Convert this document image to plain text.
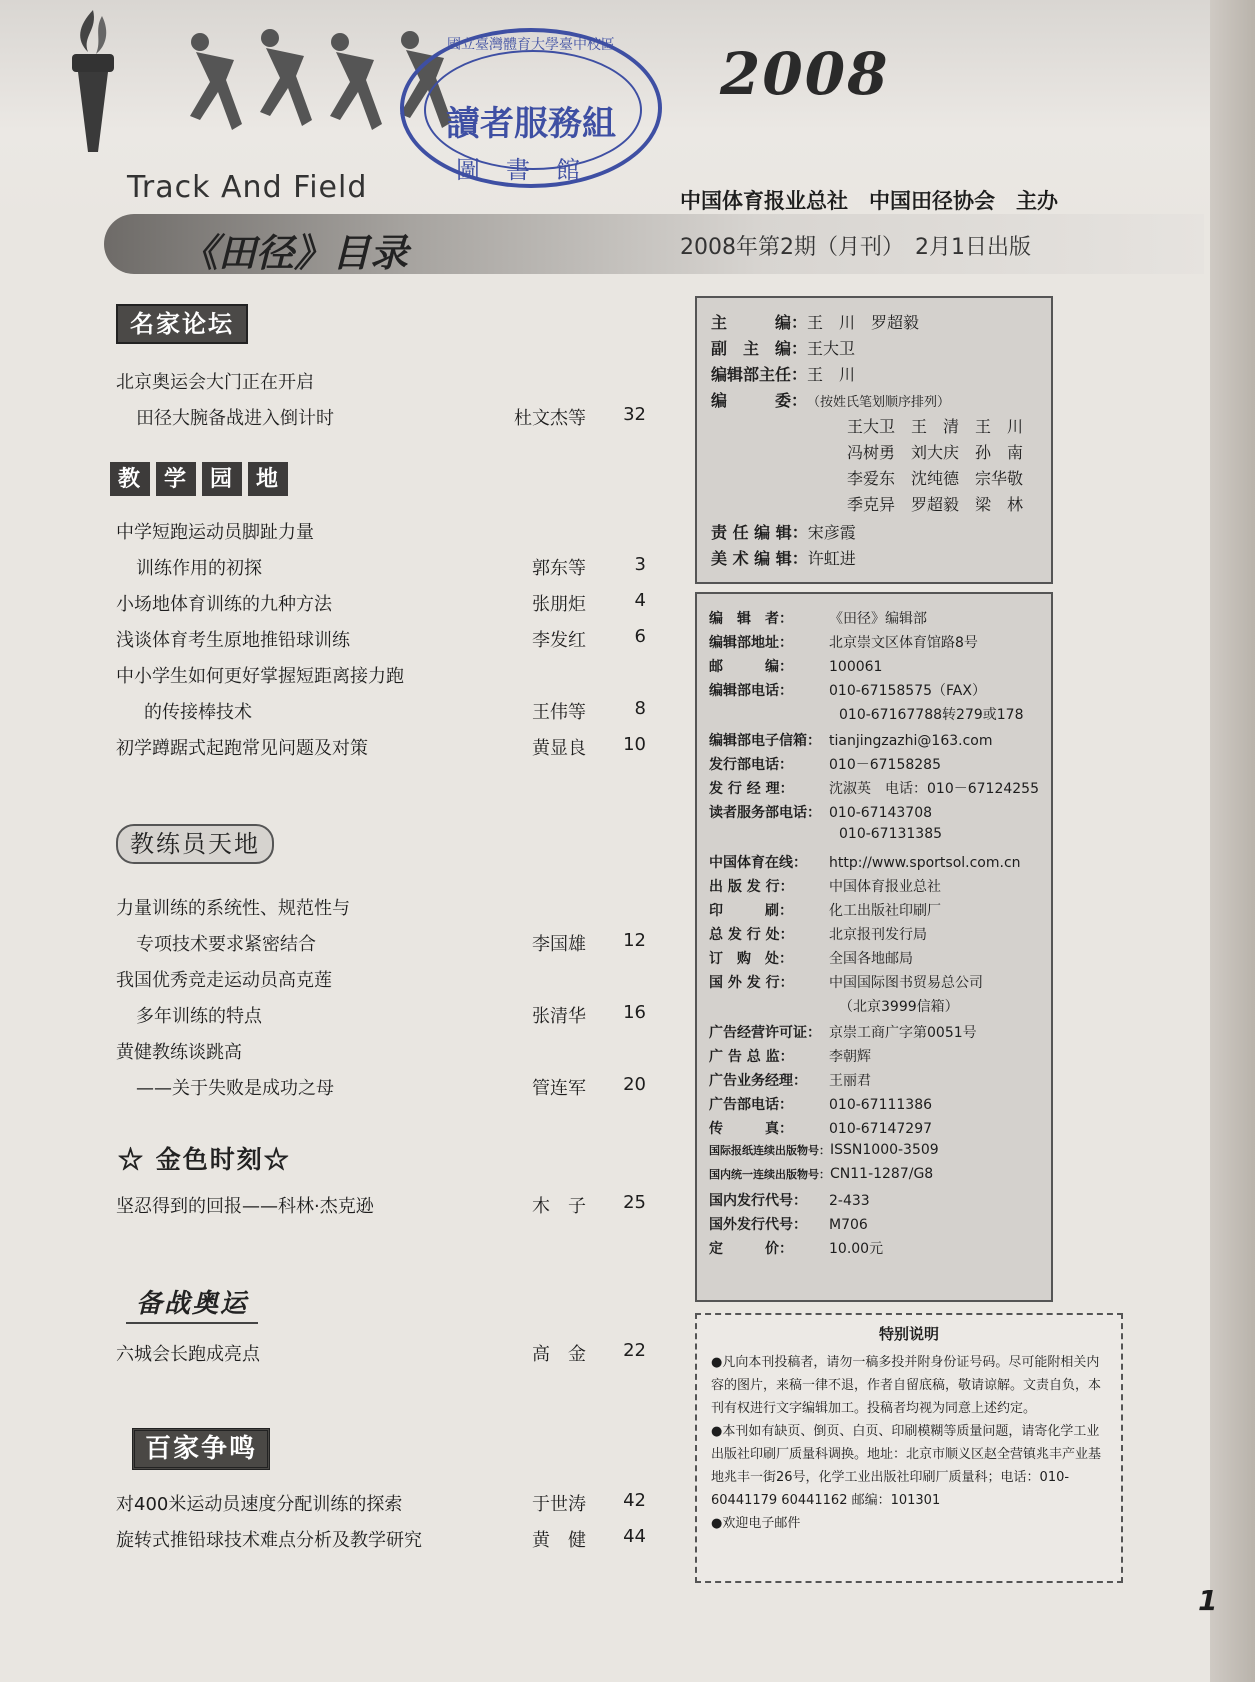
2008
國立臺灣體育大學臺中校區
讀者服務組
圖書館
Track And Field	中国体育报业总社　中国田径协会　主办
《田径》目录	2008年第2期（月刊）　2月1日出版
名家论坛
北京奥运会大门正在开启
田径大腕备战进入倒计时	杜文杰等 32
教 学 园 地
中学短跑运动员脚趾力量
训练作用的初探	郭东等	3
小场地体育训练的九种方法	张朋炬	4
浅谈体育考生原地推铅球训练	李发红	6
中小学生如何更好掌握短距离接力跑
的传接棒技术	王伟等	8
初学蹲踞式起跑常见问题及对策	黄显良 10
教练员天地
力量训练的系统性、规范性与
专项技术要求紧密结合	李国雄 12
我国优秀竞走运动员高克莲
多年训练的特点	张清华 16
黄健教练谈跳高
——关于失败是成功之母	管连军 20
☆ 金色时刻☆
坚忍得到的回报——科林·杰克逊	木　子 25
备战奥运
六城会长跑成亮点	高　金 22
百家争鸣
对400米运动员速度分配训练的探索	于世涛 42
旋转式推铅球技术难点分析及教学研究	黄　健 44
主　　　编：王　川　罗超毅
副　主　编：王大卫
编辑部主任：王　川
编　　　委：（按姓氏笔划顺序排列）
王大卫　王　清　王　川
冯树勇　刘大庆　孙　南
李爱东　沈纯德　宗华敬
季克异　罗超毅　梁　林
责 任 编 辑：宋彦霞
美 术 编 辑：许虹进
编　辑　者：	《田径》编辑部
编辑部地址：	北京崇文区体育馆路8号
邮　　　编：	100061
编辑部电话：	010-67158575（FAX）
010-67167788转279或178
编辑部电子信箱： tianjingzazhi@163.com
发行部电话：	010－67158285
发 行 经 理：	沈淑英　电话：010－67124255
读者服务部电话： 010-67143708
010-67131385
中国体育在线： http://www.sportsol.com.cn
出 版 发 行：	中国体育报业总社
印　　　刷：	化工出版社印刷厂
总 发 行 处：	北京报刊发行局
订　购　处：	全国各地邮局
国 外 发 行：	中国国际图书贸易总公司
（北京3999信箱）
广告经营许可证： 京崇工商广字第0051号
广 告 总 监：	李朝辉
广告业务经理： 王丽君
广告部电话：	010-67111386
传　　　真：	010-67147297
国际报纸连续出版物号：ISSN1000-3509
国内统一连续出版物号：CN11-1287/G8
国内发行代号： 2-433
国外发行代号： M706
定　　　价：	10.00元
特别说明
●凡向本刊投稿者，请勿一稿多投并附身份证号码。尽可能附相关内容的图片，来稿一律不退，作者自留底稿，敬请谅解。文责自负，本刊有权进行文字编辑加工。投稿者均视为同意上述约定。
●本刊如有缺页、倒页、白页、印刷模糊等质量问题，请寄化学工业出版社印刷厂质量科调换。地址：北京市顺义区赵全营镇兆丰产业基地兆丰一街26号，化学工业出版社印刷厂质量科；电话：010-60441179 60441162 邮编：101301
●欢迎电子邮件
1
